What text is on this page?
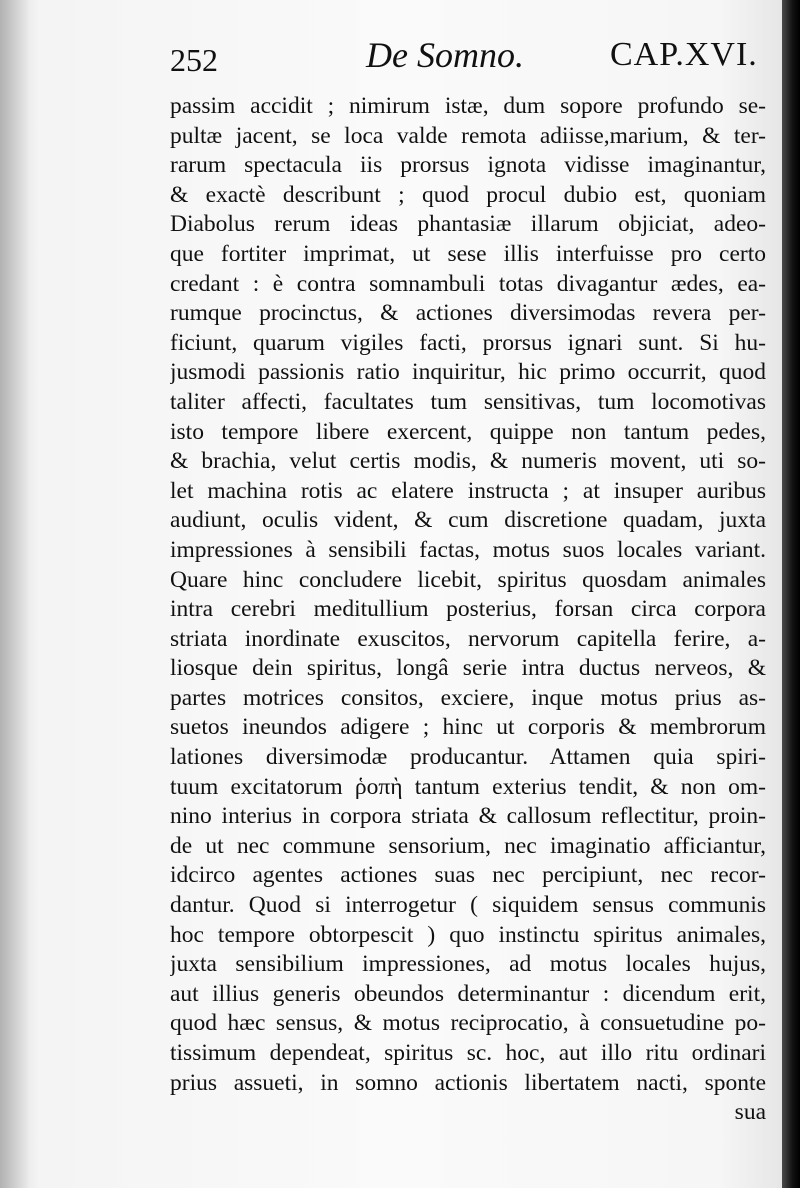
252	De Somno.	CAP.XVI.
passim accidit ; nimirum istæ, dum sopore profundo se-
pultæ jacent, se loca valde remota adiisse,marium, & ter-
rarum spectacula iis prorsus ignota vidisse imaginantur,
& exactè describunt ; quod procul dubio est, quoniam
Diabolus rerum ideas phantasiæ illarum objiciat, adeo-
que fortiter imprimat, ut sese illis interfuisse pro certo
credant : è contra somnambuli totas divagantur ædes, ea-
rumque procinctus, & actiones diversimodas revera per-
ficiunt, quarum vigiles facti, prorsus ignari sunt. Si hu-
jusmodi passionis ratio inquiritur, hic primo occurrit, quod
taliter affecti, facultates tum sensitivas, tum locomotivas
isto tempore libere exercent, quippe non tantum pedes,
& brachia, velut certis modis, & numeris movent, uti so-
let machina rotis ac elatere instructa ; at insuper auribus
audiunt, oculis vident, & cum discretione quadam, juxta
impressiones à sensibili factas, motus suos locales variant.
Quare hinc concludere licebit, spiritus quosdam animales
intra cerebri meditullium posterius, forsan circa corpora
striata inordinate exuscitos, nervorum capitella ferire, a-
liosque dein spiritus, longâ serie intra ductus nerveos, &
partes motrices consitos, exciere, inque motus prius as-
suetos ineundos adigere ; hinc ut corporis & membrorum
lationes diversimodæ producantur. Attamen quia spiri-
tuum excitatorum ῥοπὴ tantum exterius tendit, & non om-
nino interius in corpora striata & callosum reflectitur, proin-
de ut nec commune sensorium, nec imaginatio afficiantur,
idcirco agentes actiones suas nec percipiunt, nec recor-
dantur. Quod si interrogetur ( siquidem sensus communis
hoc tempore obtorpescit ) quo instinctu spiritus animales,
juxta sensibilium impressiones, ad motus locales hujus,
aut illius generis obeundos determinantur : dicendum erit,
quod hæc sensus, & motus reciprocatio, à consuetudine po-
tissimum dependeat, spiritus sc. hoc, aut illo ritu ordinari
prius assueti, in somno actionis libertatem nacti, sponte
sua
